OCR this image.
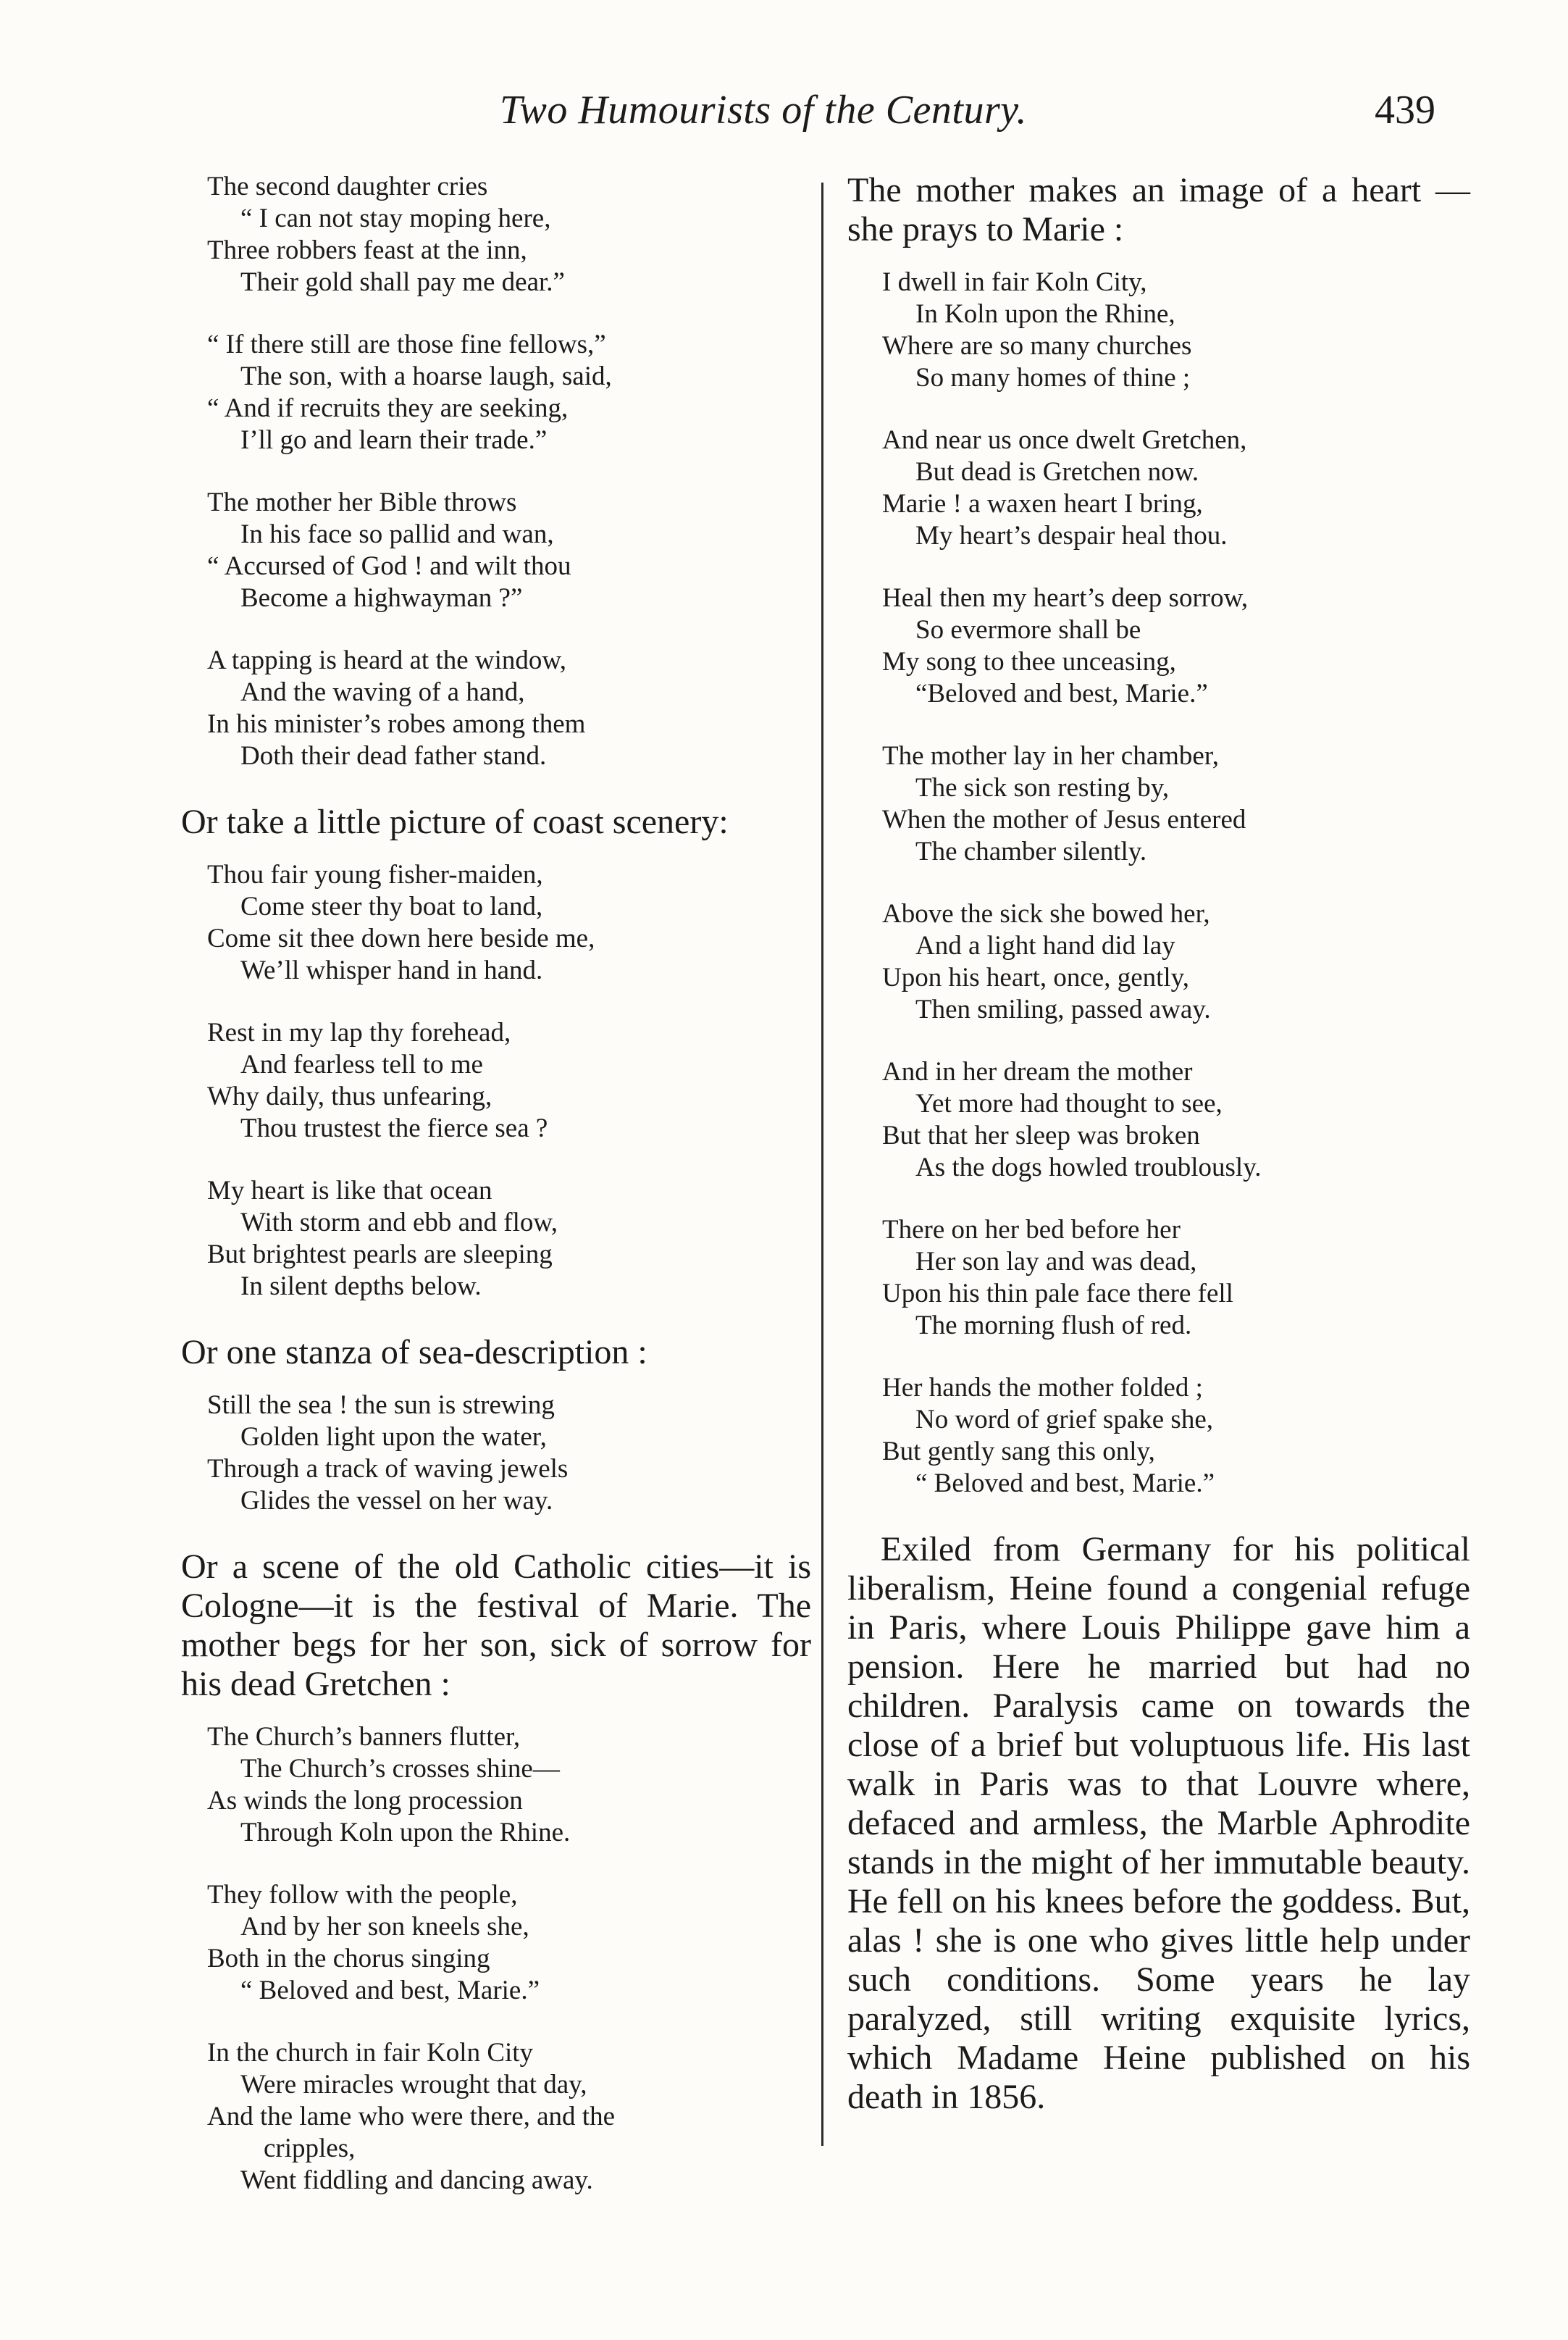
Two Humourists of the Century.	439
The second daughter cries
“ I can not stay moping here,
Three robbers feast at the inn,
Their gold shall pay me dear.”
“ If there still are those fine fellows,”
The son, with a hoarse laugh, said,
“ And if recruits they are seeking,
I’ll go and learn their trade.”
The mother her Bible throws
In his face so pallid and wan,
“ Accursed of God ! and wilt thou
Become a highwayman ?”
A tapping is heard at the window,
And the waving of a hand,
In his minister’s robes among them
Doth their dead father stand.

Or take a little picture of coast scenery:

Thou fair young fisher-maiden,
Come steer thy boat to land,
Come sit thee down here beside me,
We’ll whisper hand in hand.
Rest in my lap thy forehead,
And fearless tell to me
Why daily, thus unfearing,
Thou trustest the fierce sea ?
My heart is like that ocean
With storm and ebb and flow,
But brightest pearls are sleeping
In silent depths below.

Or one stanza of sea-description :

Still the sea ! the sun is strewing
Golden light upon the water,
Through a track of waving jewels
Glides the vessel on her way.

Or a scene of the old Catholic cities—it is Cologne—it is the festival of Marie. The mother begs for her son, sick of sorrow for his dead Gretchen :

The Church’s banners flutter,
The Church’s crosses shine—
As winds the long procession
Through Koln upon the Rhine.
They follow with the people,
And by her son kneels she,
Both in the chorus singing
“ Beloved and best, Marie.”
In the church in fair Koln City
Were miracles wrought that day,
And the lame who were there, and the
cripples,
Went fiddling and dancing away.

The mother makes an image of a heart —she prays to Marie :

I dwell in fair Koln City,
In Koln upon the Rhine,
Where are so many churches
So many homes of thine ;
And near us once dwelt Gretchen,
But dead is Gretchen now.
Marie ! a waxen heart I bring,
My heart’s despair heal thou.
Heal then my heart’s deep sorrow,
So evermore shall be
My song to thee unceasing,
“Beloved and best, Marie.”
The mother lay in her chamber,
The sick son resting by,
When the mother of Jesus entered
The chamber silently.
Above the sick she bowed her,
And a light hand did lay
Upon his heart, once, gently,
Then smiling, passed away.
And in her dream the mother
Yet more had thought to see,
But that her sleep was broken
As the dogs howled troublously.
There on her bed before her
Her son lay and was dead,
Upon his thin pale face there fell
The morning flush of red.
Her hands the mother folded ;
No word of grief spake she,
But gently sang this only,
“ Beloved and best, Marie.”

Exiled from Germany for his political liberalism, Heine found a congenial refuge in Paris, where Louis Philippe gave him a pension. Here he married but had no children. Paralysis came on towards the close of a brief but voluptuous life. His last walk in Paris was to that Louvre where, defaced and armless, the Marble Aphrodite stands in the might of her immutable beauty. He fell on his knees before the goddess. But, alas ! she is one who gives little help under such conditions. Some years he lay paralyzed, still writing exquisite lyrics, which Madame Heine published on his death in 1856.
